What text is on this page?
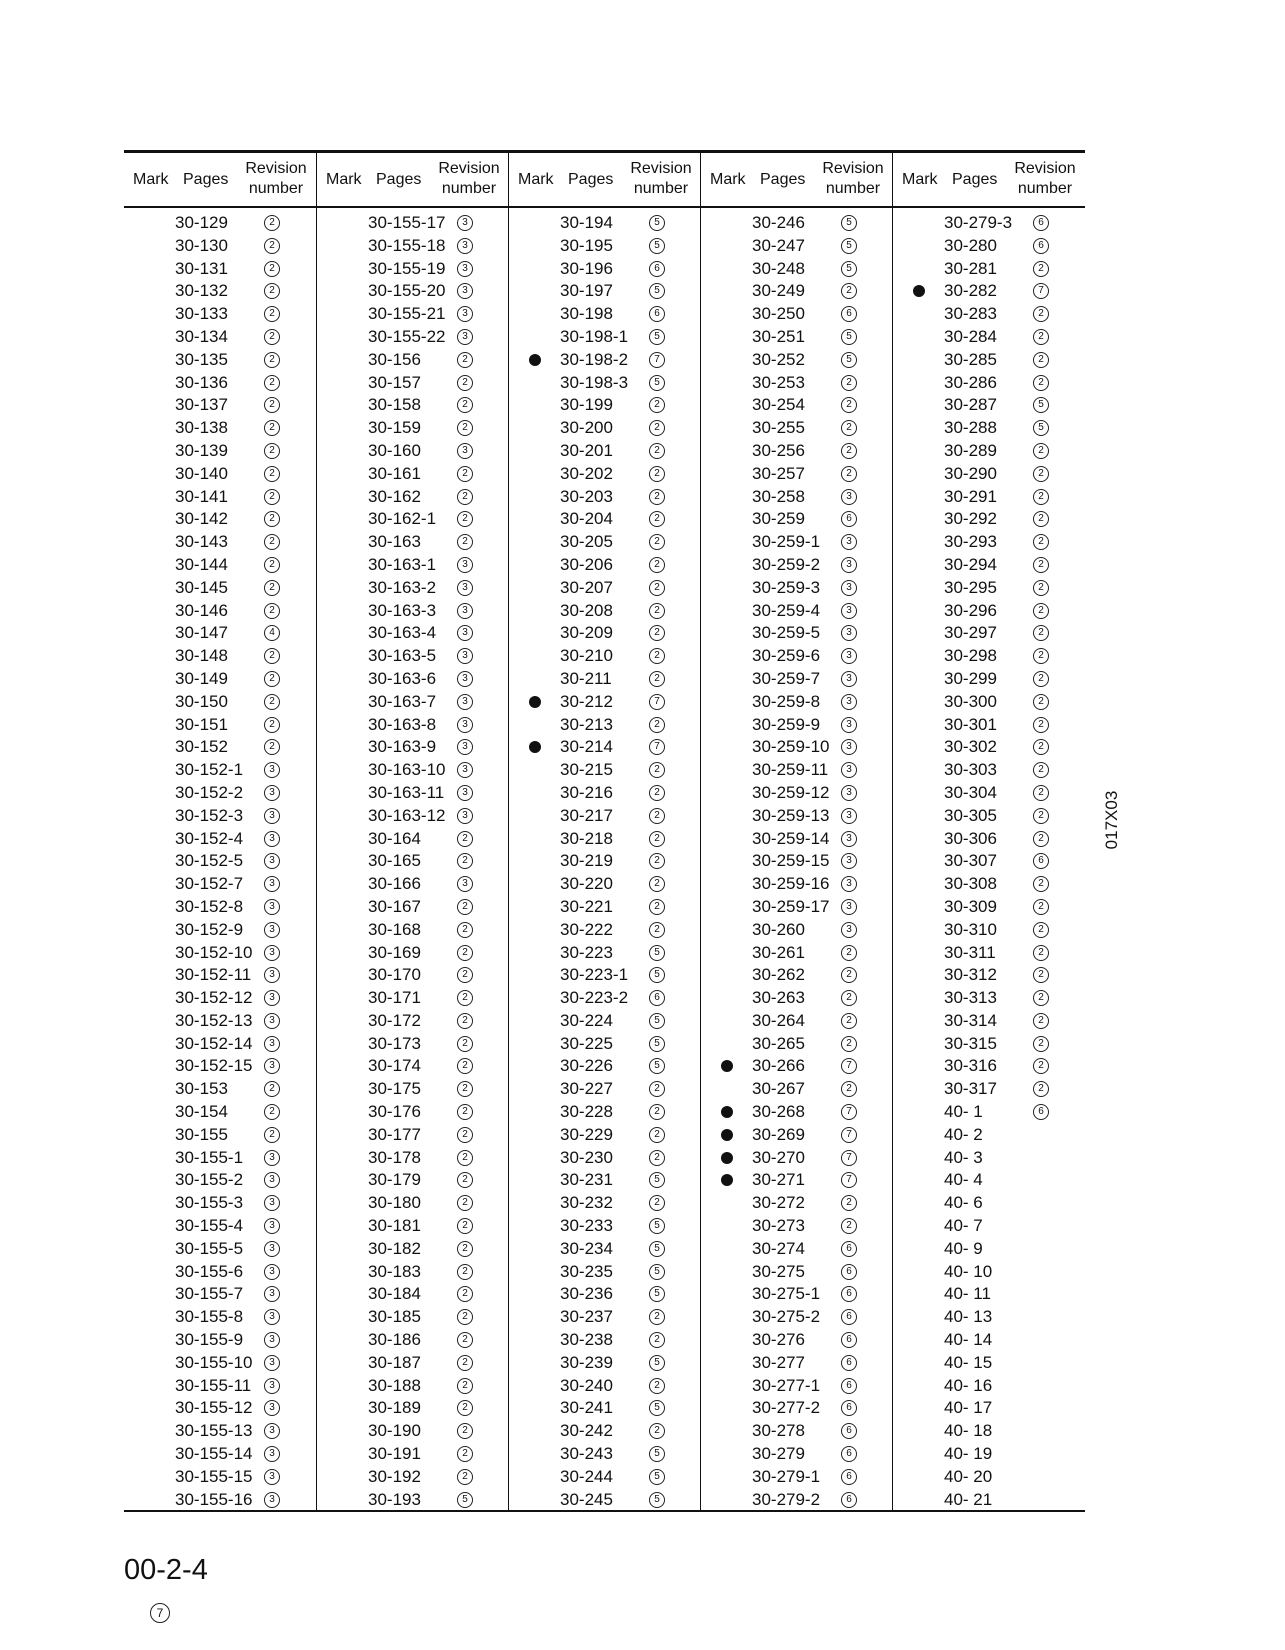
Mark Pages
Revision
number
30-129	2
30-130	2
30-131	2
30-132	2
30-133	2
30-134	2
30-135	2
30-136	2
30-137	2
30-138	2
30-139	2
30-140	2
30-141	2
30-142	2
30-143	2
30-144	2
30-145	2
30-146	2
30-147	4
30-148	2
30-149	2
30-150	2
30-151	2
30-152	2
30-152-1	3
30-152-2	3
30-152-3	3
30-152-4	3
30-152-5	3
30-152-7	3
30-152-8	3
30-152-9	3
30-152-10	3
30-152-11	3
30-152-12	3
30-152-13	3
30-152-14	3
30-152-15	3
30-153	2
30-154	2
30-155	2
30-155-1	3
30-155-2	3
30-155-3	3
30-155-4	3
30-155-5	3
30-155-6	3
30-155-7	3
30-155-8	3
30-155-9	3
30-155-10	3
30-155-11	3
30-155-12	3
30-155-13	3
30-155-14	3
30-155-15	3
30-155-16	3
Mark Pages
Revision
number
30-155-17	3
30-155-18	3
30-155-19	3
30-155-20	3
30-155-21	3
30-155-22	3
30-156	2
30-157	2
30-158	2
30-159	2
30-160	3
30-161	2
30-162	2
30-162-1	2
30-163	2
30-163-1	3
30-163-2	3
30-163-3	3
30-163-4	3
30-163-5	3
30-163-6	3
30-163-7	3
30-163-8	3
30-163-9	3
30-163-10	3
30-163-11	3
30-163-12	3
30-164	2
30-165	2
30-166	3
30-167	2
30-168	2
30-169	2
30-170	2
30-171	2
30-172	2
30-173	2
30-174	2
30-175	2
30-176	2
30-177	2
30-178	2
30-179	2
30-180	2
30-181	2
30-182	2
30-183	2
30-184	2
30-185	2
30-186	2
30-187	2
30-188	2
30-189	2
30-190	2
30-191	2
30-192	2
30-193	5
Mark Pages
Revision
number
30-194	5
30-195	5
30-196	6
30-197	5
30-198	6
30-198-1	5
30-198-2	7
30-198-3	5
30-199	2
30-200	2
30-201	2
30-202	2
30-203	2
30-204	2
30-205	2
30-206	2
30-207	2
30-208	2
30-209	2
30-210	2
30-211	2
30-212	7
30-213	2
30-214	7
30-215	2
30-216	2
30-217	2
30-218	2
30-219	2
30-220	2
30-221	2
30-222	2
30-223	5
30-223-1	5
30-223-2	6
30-224	5
30-225	5
30-226	5
30-227	2
30-228	2
30-229	2
30-230	2
30-231	5
30-232	2
30-233	5
30-234	5
30-235	5
30-236	5
30-237	2
30-238	2
30-239	5
30-240	2
30-241	5
30-242	2
30-243	5
30-244	5
30-245	5
Mark Pages
Revision
number
30-246	5
30-247	5
30-248	5
30-249	2
30-250	6
30-251	5
30-252	5
30-253	2
30-254	2
30-255	2
30-256	2
30-257	2
30-258	3
30-259	6
30-259-1	3
30-259-2	3
30-259-3	3
30-259-4	3
30-259-5	3
30-259-6	3
30-259-7	3
30-259-8	3
30-259-9	3
30-259-10	3
30-259-11	3
30-259-12	3
30-259-13	3
30-259-14	3
30-259-15	3
30-259-16	3
30-259-17	3
30-260	3
30-261	2
30-262	2
30-263	2
30-264	2
30-265	2
30-266	7
30-267	2
30-268	7
30-269	7
30-270	7
30-271	7
30-272	2
30-273	2
30-274	6
30-275	6
30-275-1	6
30-275-2	6
30-276	6
30-277	6
30-277-1	6
30-277-2	6
30-278	6
30-279	6
30-279-1	6
30-279-2	6
Mark Pages
Revision
number
30-279-3	6
30-280	6
30-281	2
30-282	7
30-283	2
30-284	2
30-285	2
30-286	2
30-287	5
30-288	5
30-289	2
30-290	2
30-291	2
30-292	2
30-293	2
30-294	2
30-295	2
30-296	2
30-297	2
30-298	2
30-299	2
30-300	2
30-301	2
30-302	2
30-303	2
30-304	2
30-305	2
30-306	2
30-307	6
30-308	2
30-309	2
30-310	2
30-311	2
30-312	2
30-313	2
30-314	2
30-315	2
30-316	2
30-317	2
40- 1	6
40- 2
40- 3
40- 4
40- 6
40- 7
40- 9
40- 10
40- 11
40- 13
40- 14
40- 15
40- 16
40- 17
40- 18
40- 19
40- 20
40- 21
00-2-4
7
017X03
